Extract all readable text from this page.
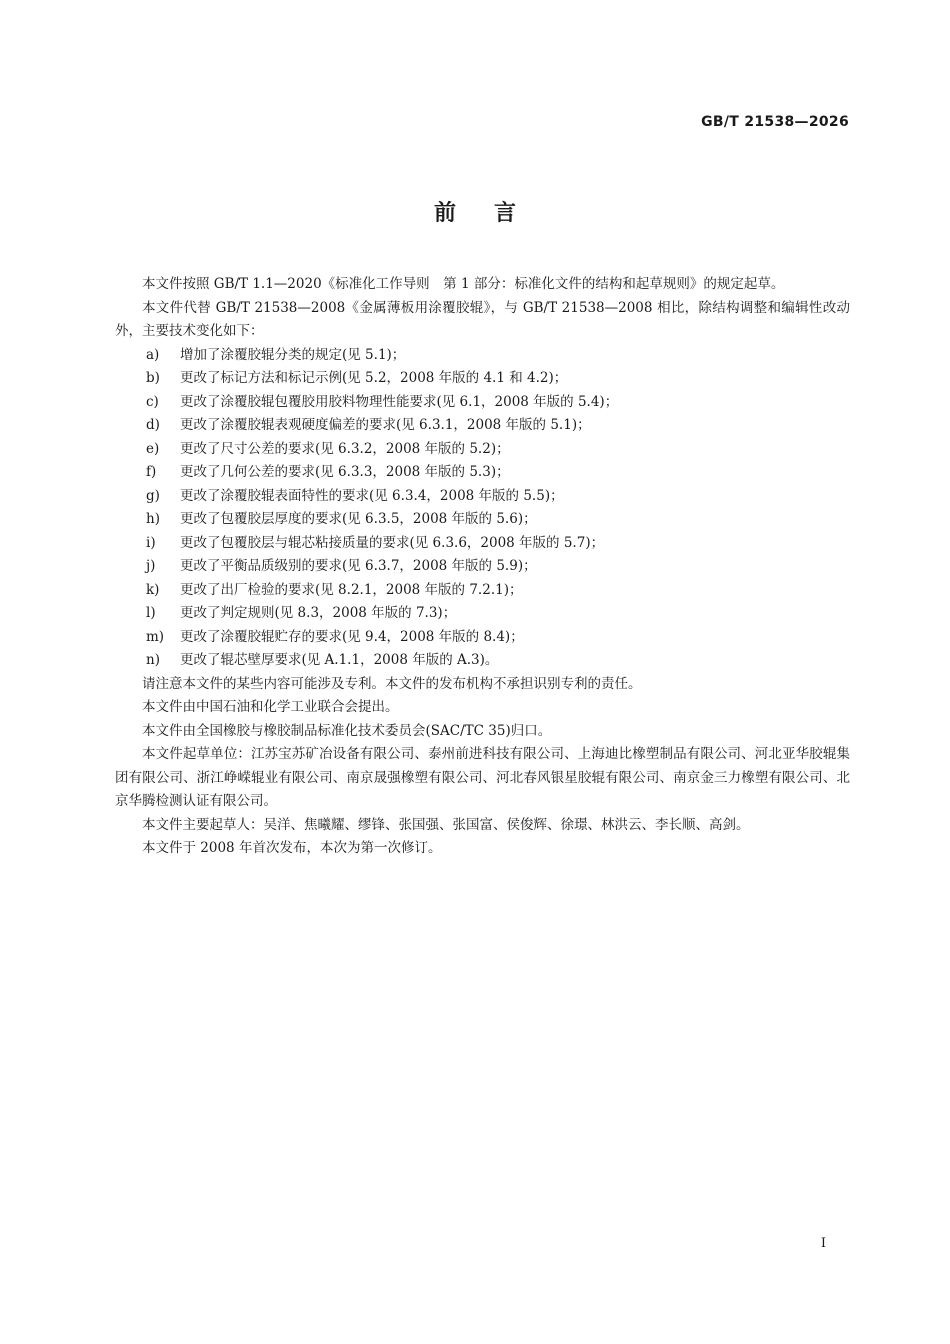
GB/T 21538—2026
前言

本文件按照 GB/T 1.1—2020《标准化工作导则　第 1 部分：标准化文件的结构和起草规则》的规定起草。

本文件代替 GB/T 21538—2008《金属薄板用涂覆胶辊》，与 GB/T 21538—2008 相比，除结构调整和编辑性改动外，主要技术变化如下：

a)	增加了涂覆胶辊分类的规定(见 5.1)；
b)	更改了标记方法和标记示例(见 5.2，2008 年版的 4.1 和 4.2)；
c)	更改了涂覆胶辊包覆胶用胶料物理性能要求(见 6.1，2008 年版的 5.4)；
d)	更改了涂覆胶辊表观硬度偏差的要求(见 6.3.1，2008 年版的 5.1)；
e)	更改了尺寸公差的要求(见 6.3.2，2008 年版的 5.2)；
f)	更改了几何公差的要求(见 6.3.3，2008 年版的 5.3)；
g)	更改了涂覆胶辊表面特性的要求(见 6.3.4，2008 年版的 5.5)；
h)	更改了包覆胶层厚度的要求(见 6.3.5，2008 年版的 5.6)；
i)	更改了包覆胶层与辊芯粘接质量的要求(见 6.3.6，2008 年版的 5.7)；
j)	更改了平衡品质级别的要求(见 6.3.7，2008 年版的 5.9)；
k)	更改了出厂检验的要求(见 8.2.1，2008 年版的 7.2.1)；
l)	更改了判定规则(见 8.3，2008 年版的 7.3)；
m)	更改了涂覆胶辊贮存的要求(见 9.4，2008 年版的 8.4)；
n)	更改了辊芯壁厚要求(见 A.1.1，2008 年版的 A.3)。

请注意本文件的某些内容可能涉及专利。本文件的发布机构不承担识别专利的责任。

本文件由中国石油和化学工业联合会提出。

本文件由全国橡胶与橡胶制品标准化技术委员会(SAC/TC 35)归口。

本文件起草单位：江苏宝苏矿冶设备有限公司、泰州前进科技有限公司、上海迪比橡塑制品有限公司、河北亚华胶辊集团有限公司、浙江峥嵘辊业有限公司、南京晟强橡塑有限公司、河北春风银星胶辊有限公司、南京金三力橡塑有限公司、北京华腾检测认证有限公司。

本文件主要起草人：吴洋、焦曦耀、缪锋、张国强、张国富、侯俊辉、徐璟、林洪云、李长顺、高剑。

本文件于 2008 年首次发布，本次为第一次修订。

I
